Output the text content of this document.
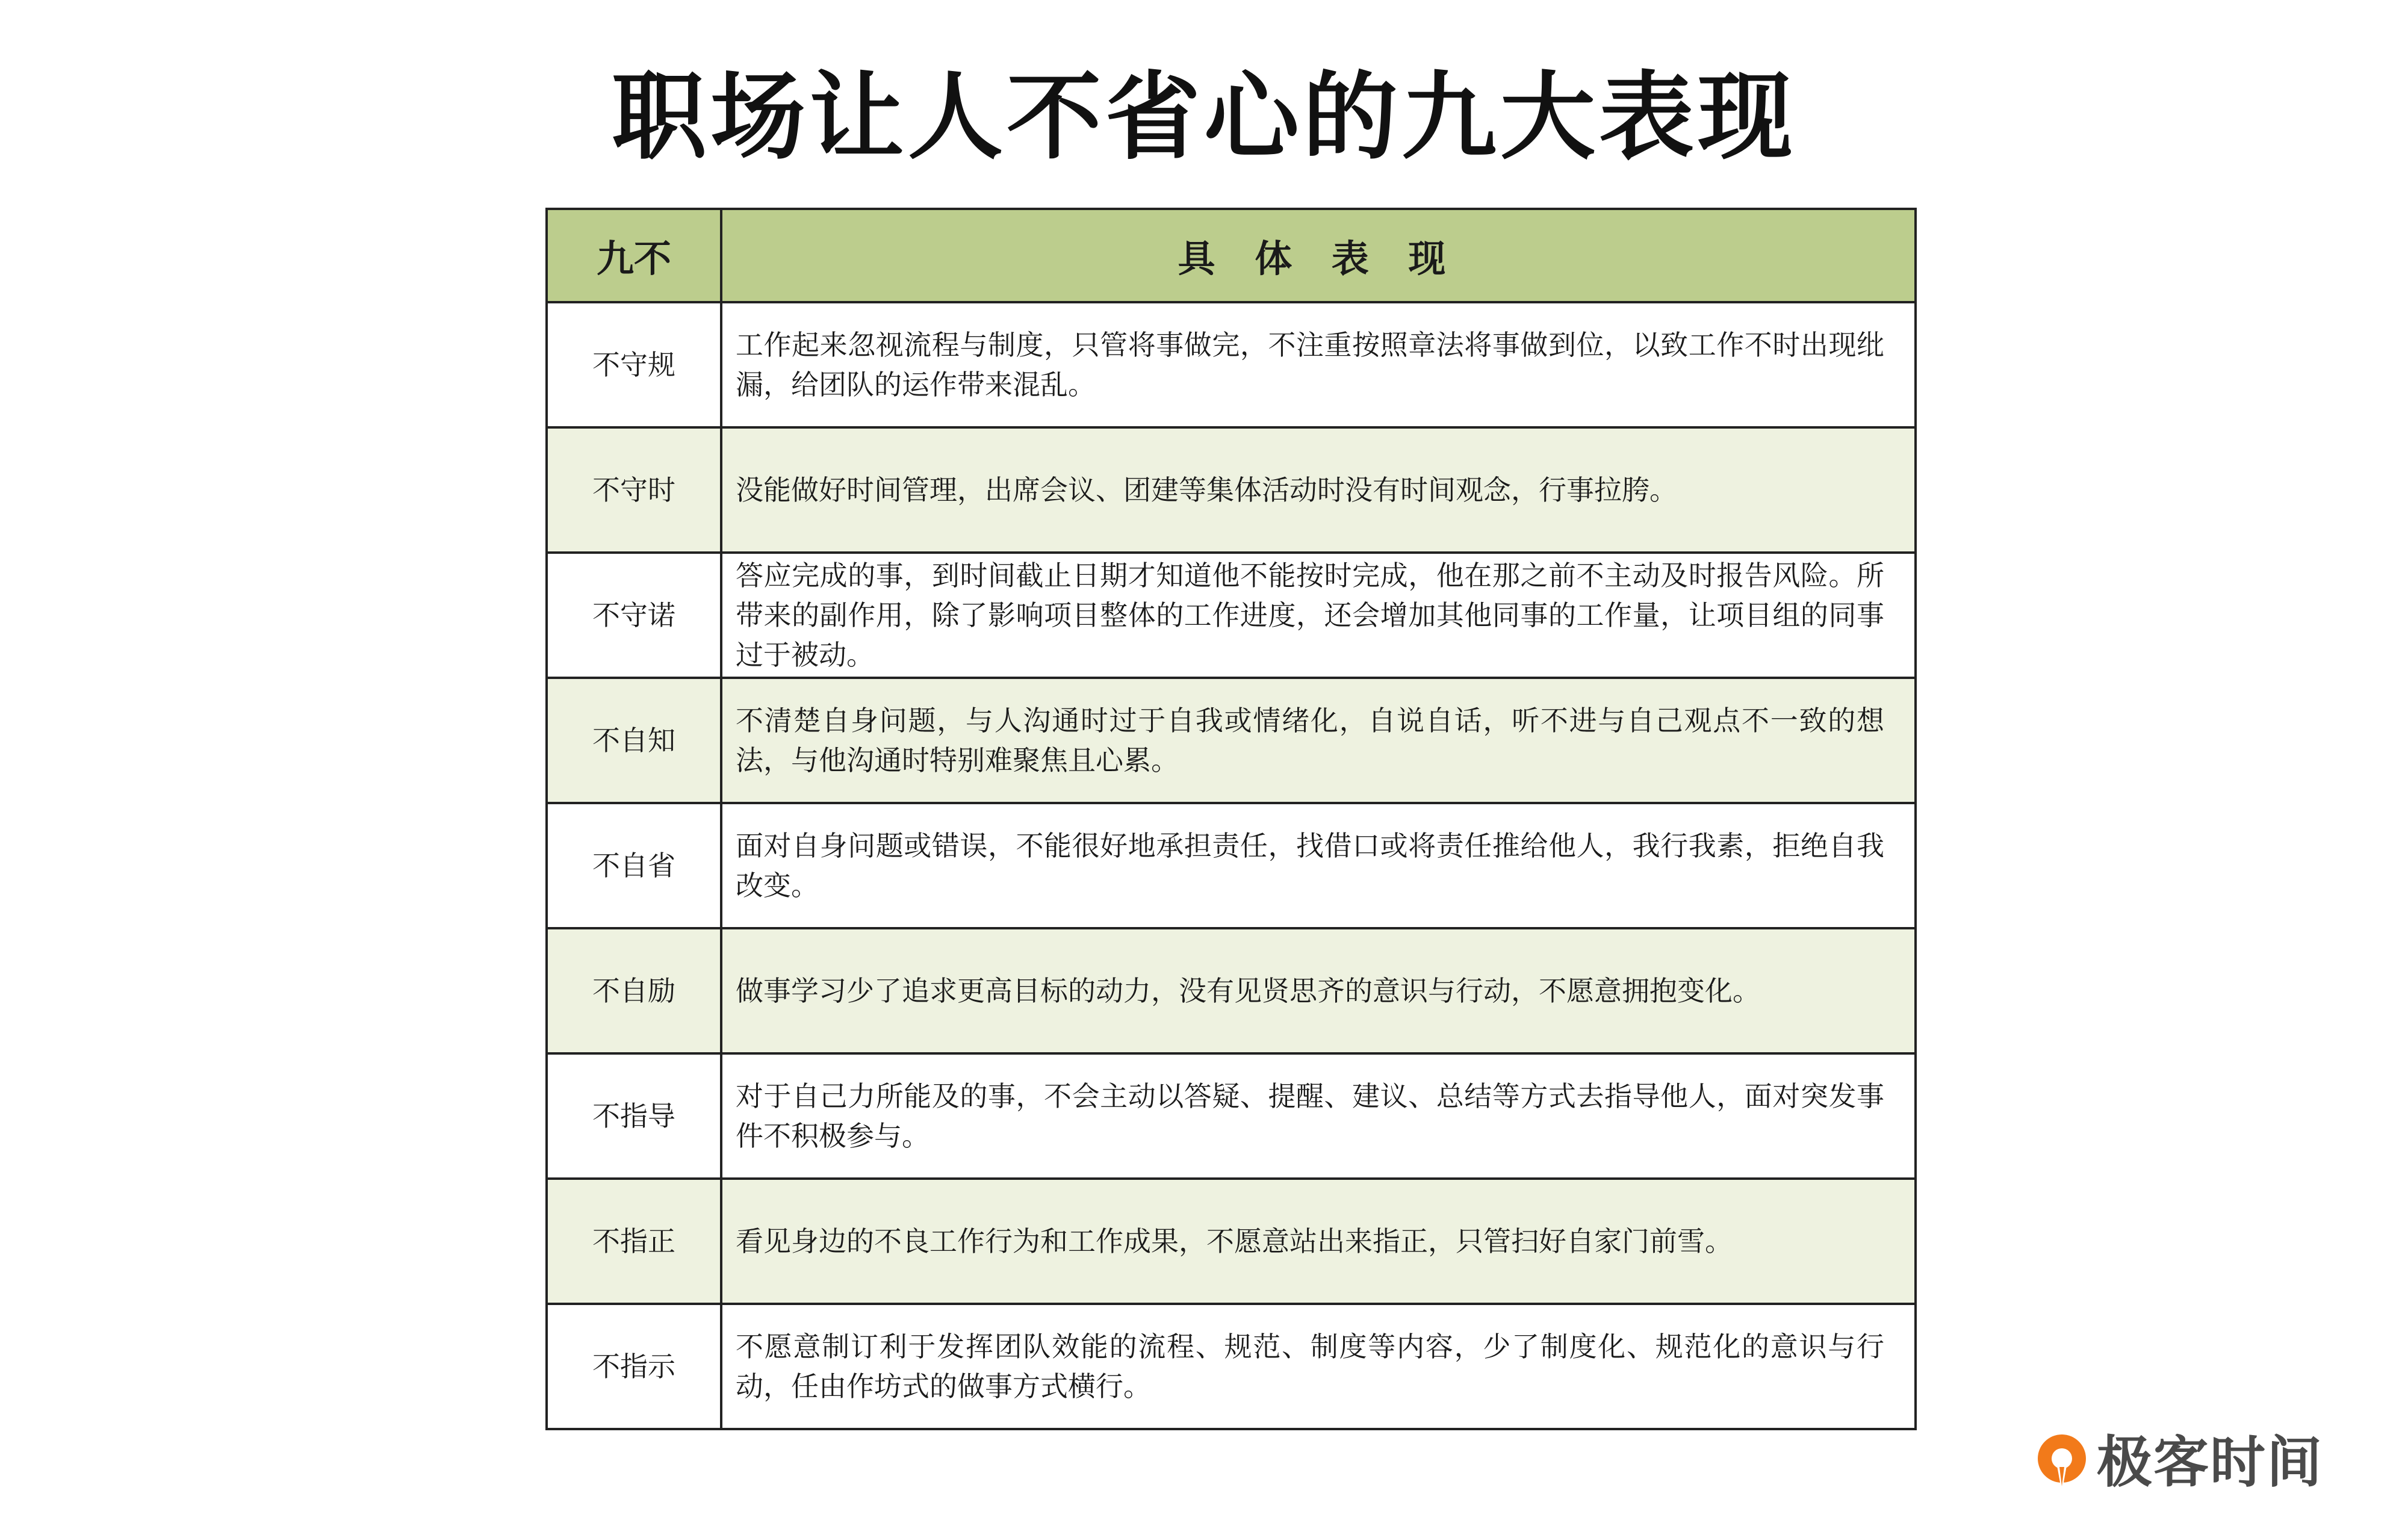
职场让人不省心的九大表现
九不	具 体 表 现
不守规	工作起来忽视流程与制度，只管将事做完，不注重按照章法将事做到位，以致工作不时出现纰漏，给团队的运作带来混乱。
不守时	没能做好时间管理，出席会议、团建等集体活动时没有时间观念，行事拉胯。
不守诺	答应完成的事，到时间截止日期才知道他不能按时完成，他在那之前不主动及时报告风险。所带来的副作用，除了影响项目整体的工作进度，还会增加其他同事的工作量，让项目组的同事过于被动。
不自知	不清楚自身问题，与人沟通时过于自我或情绪化，自说自话，听不进与自己观点不一致的想法，与他沟通时特别难聚焦且心累。
不自省	面对自身问题或错误，不能很好地承担责任，找借口或将责任推给他人，我行我素，拒绝自我改变。
不自励	做事学习少了追求更高目标的动力，没有见贤思齐的意识与行动，不愿意拥抱变化。
不指导	对于自己力所能及的事，不会主动以答疑、提醒、建议、总结等方式去指导他人，面对突发事件不积极参与。
不指正	看见身边的不良工作行为和工作成果，不愿意站出来指正，只管扫好自家门前雪。
不指示	不愿意制订利于发挥团队效能的流程、规范、制度等内容，少了制度化、规范化的意识与行动，任由作坊式的做事方式横行。
极客时间
